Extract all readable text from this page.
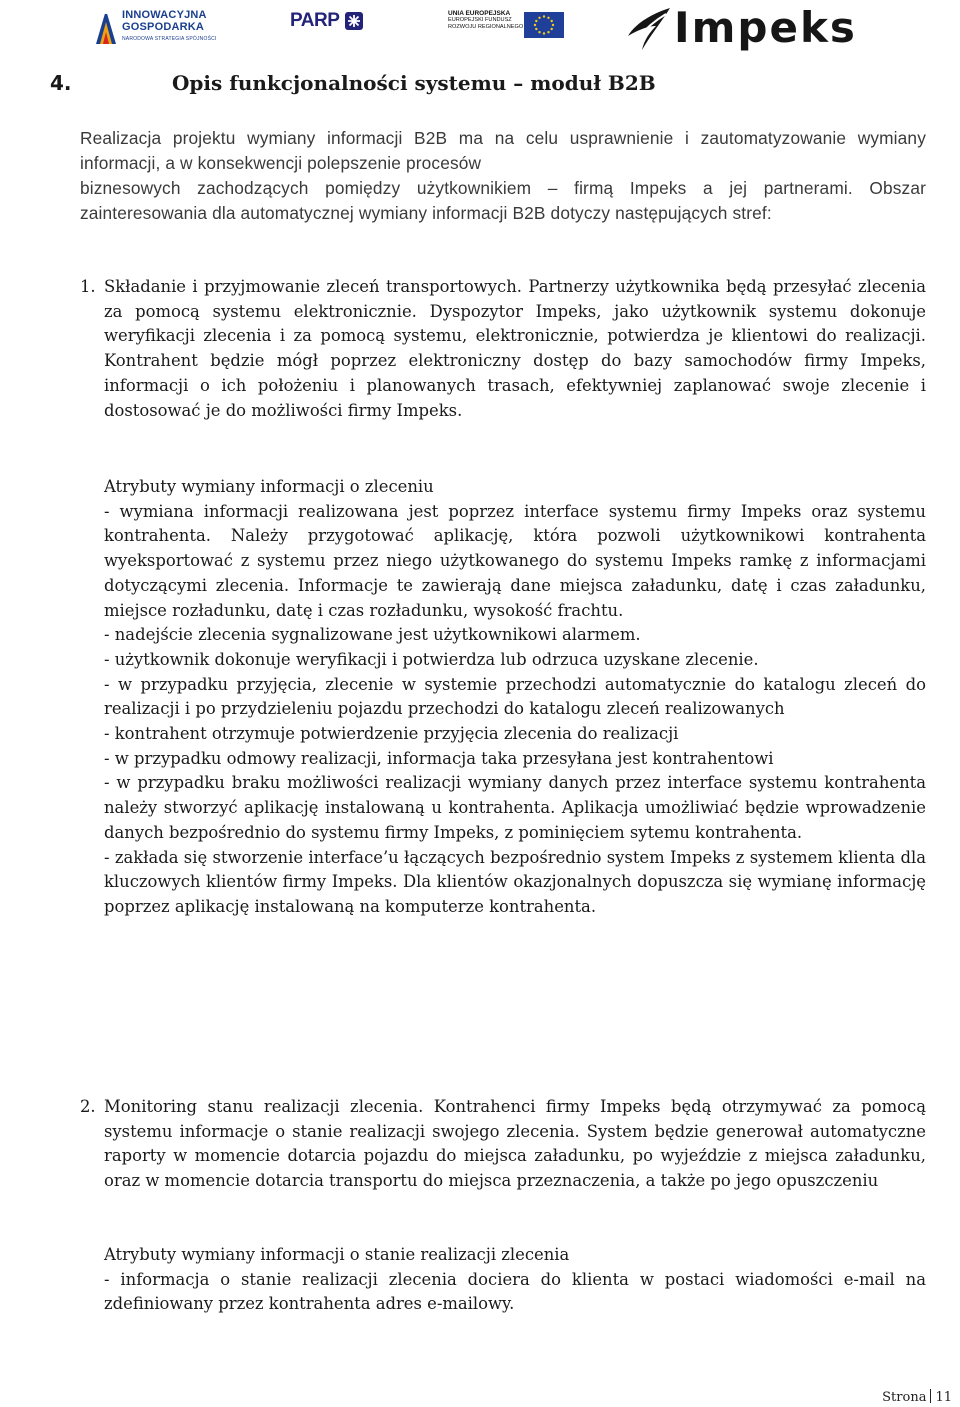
INNOWACYJNA
GOSPODARKA
NARODOWA STRATEGIA SPÓJNOŚCI
PARP	UNIA EUROPEJSKA
EUROPEJSKI FUNDUSZ
ROZWOJU REGIONALNEGO	Impeks
4.	Opis funkcjonalności systemu – moduł B2B

Realizacja projektu wymiany informacji B2B ma na celu usprawnienie i zautomatyzowanie wymiany informacji, a w konsekwencji polepszenie procesów

biznesowych zachodzących pomiędzy użytkownikiem – firmą Impeks a jej partnerami. Obszar zainteresowania dla automatycznej wymiany informacji B2B dotyczy następujących stref:

1. Składanie i przyjmowanie zleceń transportowych. Partnerzy użytkownika będą przesyłać zlecenia za pomocą systemu elektronicznie. Dyspozytor Impeks, jako użytkownik systemu dokonuje weryfikacji zlecenia i za pomocą systemu, elektronicznie, potwierdza je klientowi do realizacji. Kontrahent będzie mógł poprzez elektroniczny dostęp do bazy samochodów firmy Impeks, informacji o ich położeniu i planowanych trasach, efektywniej zaplanować swoje zlecenie i dostosować je do możliwości firmy Impeks.

Atrybuty wymiany informacji o zleceniu

- wymiana informacji realizowana jest poprzez interface systemu firmy Impeks oraz systemu kontrahenta. Należy przygotować aplikację, która pozwoli użytkownikowi kontrahenta wyeksportować z systemu przez niego użytkowanego do systemu Impeks ramkę z informacjami dotyczącymi zlecenia. Informacje te zawierają dane miejsca załadunku, datę i czas załadunku, miejsce rozładunku, datę i czas rozładunku, wysokość frachtu.

- nadejście zlecenia sygnalizowane jest użytkownikowi alarmem.

- użytkownik dokonuje weryfikacji i potwierdza lub odrzuca uzyskane zlecenie.

- w przypadku przyjęcia, zlecenie w systemie przechodzi automatycznie do katalogu zleceń do realizacji i po przydzieleniu pojazdu przechodzi do katalogu zleceń realizowanych

- kontrahent otrzymuje potwierdzenie przyjęcia zlecenia do realizacji

- w przypadku odmowy realizacji, informacja taka przesyłana jest kontrahentowi

- w przypadku braku możliwości realizacji wymiany danych przez interface systemu kontrahenta należy stworzyć aplikację instalowaną u kontrahenta. Aplikacja umożliwiać będzie wprowadzenie danych bezpośrednio do systemu firmy Impeks, z pominięciem sytemu kontrahenta.

- zakłada się stworzenie interface’u łączących bezpośrednio system Impeks z systemem klienta dla kluczowych klientów firmy Impeks. Dla klientów okazjonalnych dopuszcza się wymianę informację poprzez aplikację instalowaną na komputerze kontrahenta.

2. Monitoring stanu realizacji zlecenia. Kontrahenci firmy Impeks będą otrzymywać za pomocą systemu informacje o stanie realizacji swojego zlecenia. System będzie generował automatyczne raporty w momencie dotarcia pojazdu do miejsca załadunku, po wyjeździe z miejsca załadunku, oraz w momencie dotarcia transportu do miejsca przeznaczenia, a także po jego opuszczeniu

Atrybuty wymiany informacji o stanie realizacji zlecenia

- informacja o stanie realizacji zlecenia dociera do klienta w postaci wiadomości e-mail na zdefiniowany przez kontrahenta adres e-mailowy.

Strona 11
